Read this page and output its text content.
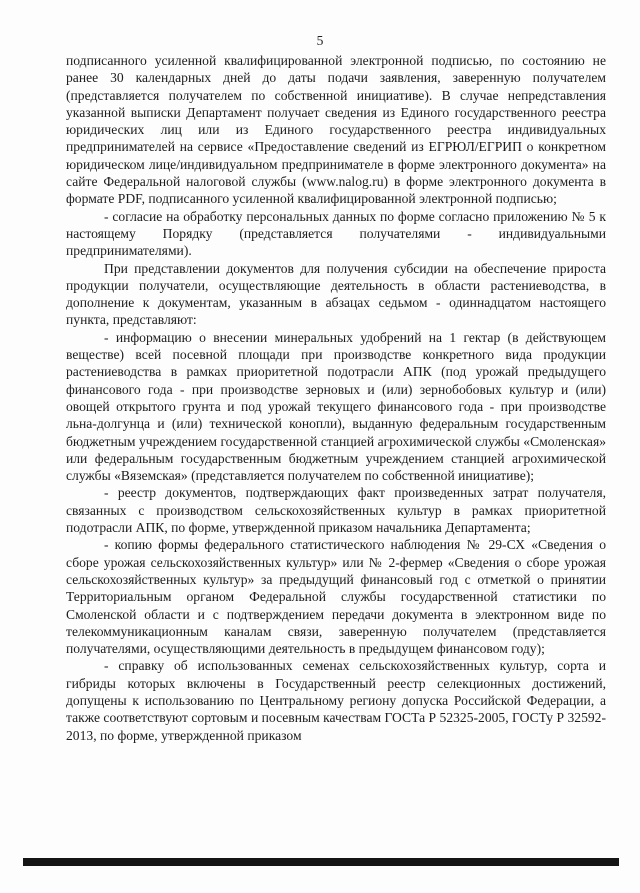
5

подписанного усиленной квалифицированной электронной подписью, по состоянию не ранее 30 календарных дней до даты подачи заявления, заверенную получателем (представляется получателем по собственной инициативе). В случае непредставления указанной выписки Департамент получает сведения из Единого государственного реестра юридических лиц или из Единого государственного реестра индивидуальных предпринимателей на сервисе «Предоставление сведений из ЕГРЮЛ/ЕГРИП о конкретном юридическом лице/индивидуальном предпринимателе в форме электронного документа» на сайте Федеральной налоговой службы (www.nalog.ru) в форме электронного документа в формате PDF, подписанного усиленной квалифицированной электронной подписью;

- согласие на обработку персональных данных по форме согласно приложению № 5 к настоящему Порядку (представляется получателями - индивидуальными предпринимателями).

При представлении документов для получения субсидии на обеспечение прироста продукции получатели, осуществляющие деятельность в области растениеводства, в дополнение к документам, указанным в абзацах седьмом - одиннадцатом настоящего пункта, представляют:

- информацию о внесении минеральных удобрений на 1 гектар (в действующем веществе) всей посевной площади при производстве конкретного вида продукции растениеводства в рамках приоритетной подотрасли АПК (под урожай предыдущего финансового года - при производстве зерновых и (или) зернобобовых культур и (или) овощей открытого грунта и под урожай текущего финансового года - при производстве льна-долгунца и (или) технической конопли), выданную федеральным государственным бюджетным учреждением государственной станцией агрохимической службы «Смоленская» или федеральным государственным бюджетным учреждением станцией агрохимической службы «Вяземская» (представляется получателем по собственной инициативе);

- реестр документов, подтверждающих факт произведенных затрат получателя, связанных с производством сельскохозяйственных культур в рамках приоритетной подотрасли АПК, по форме, утвержденной приказом начальника Департамента;

- копию формы федерального статистического наблюдения № 29-СХ «Сведения о сборе урожая сельскохозяйственных культур» или № 2-фермер «Сведения о сборе урожая сельскохозяйственных культур» за предыдущий финансовый год с отметкой о принятии Территориальным органом Федеральной службы государственной статистики по Смоленской области и с подтверждением передачи документа в электронном виде по телекоммуникационным каналам связи, заверенную получателем (представляется получателями, осуществляющими деятельность в предыдущем финансовом году);

- справку об использованных семенах сельскохозяйственных культур, сорта и гибриды которых включены в Государственный реестр селекционных достижений, допущены к использованию по Центральному региону допуска Российской Федерации, а также соответствуют сортовым и посевным качествам ГОСТа Р 52325-2005, ГОСТу Р 32592-2013, по форме, утвержденной приказом
